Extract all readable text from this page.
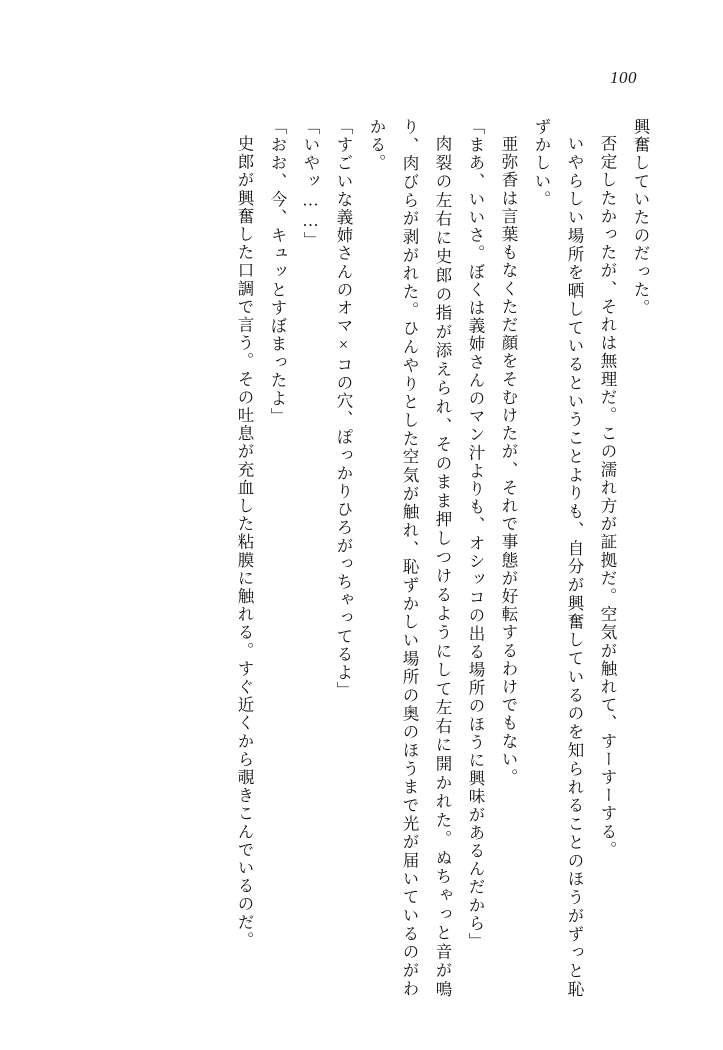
100

興奮していたのだった。

否定したかったが、それは無理だ。この濡れ方が証拠だ。空気が触れて、すーすーする。

いやらしい場所を晒しているということよりも、自分が興奮しているのを知られることのほうがずっと恥ずかしい。

亜弥香は言葉もなくただ顔をそむけたが、それで事態が好転するわけでもない。

「まあ、いいさ。ぼくは義姉さんのマン汁よりも、オシッコの出る場所のほうに興味があるんだから」

肉裂の左右に史郎の指が添えられ、そのまま押しつけるようにして左右に開かれた。ぬちゃっと音が鳴り、肉びらが剥がれた。ひんやりとした空気が触れ、恥ずかしい場所の奥のほうまで光が届いているのがわかる。

「すごいな義姉さんのオマ×コの穴、ぽっかりひろがっちゃってるよ」

「いやッ……」

「おお、今、キュッとすぼまったよ」

史郎が興奮した口調で言う。その吐息が充血した粘膜に触れる。すぐ近くから覗きこんでいるのだ。
